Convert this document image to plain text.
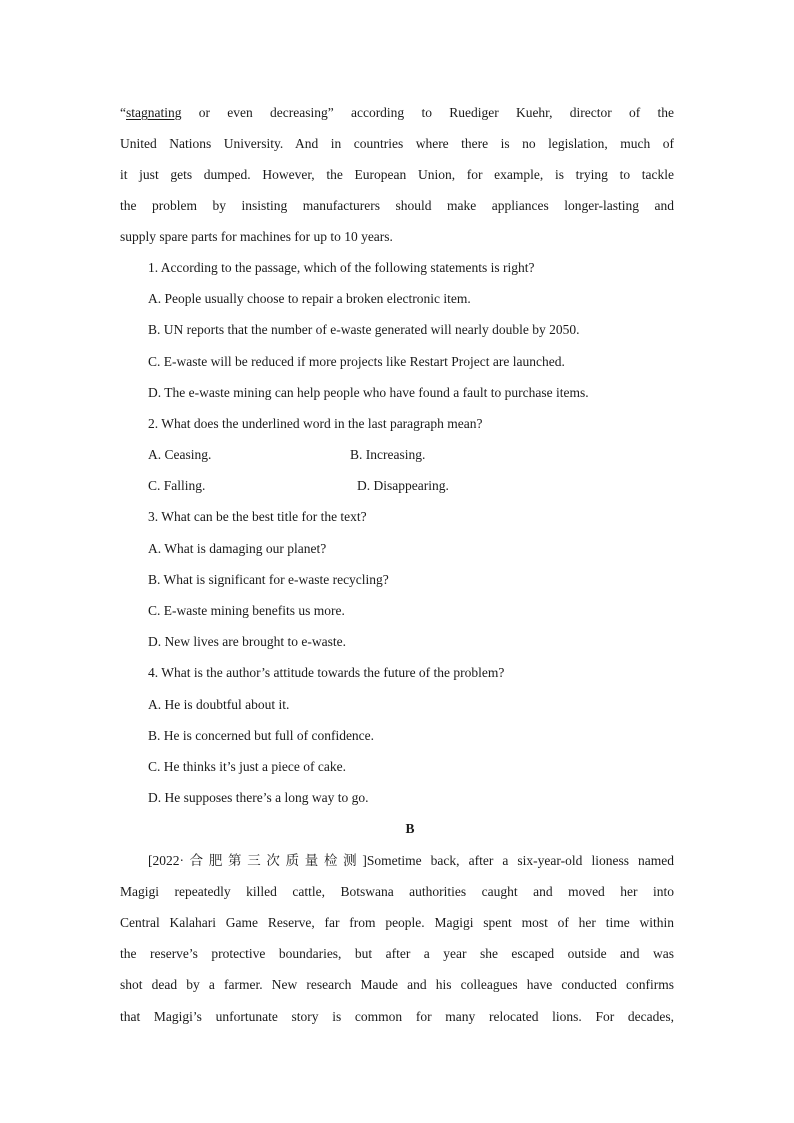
“stagnating or even decreasing” according to Ruediger Kuehr, director of the
United Nations University. And in countries where there is no legislation, much of
it just gets dumped. However, the European Union, for example, is trying to tackle
the problem by insisting manufacturers should make appliances longer-lasting and
supply spare parts for machines for up to 10 years.
1. According to the passage, which of the following statements is right?
A. People usually choose to repair a broken electronic item.
B. UN reports that the number of e-waste generated will nearly double by 2050.
C. E-waste will be reduced if more projects like Restart Project are launched.
D. The e-waste mining can help people who have found a fault to purchase items.
2. What does the underlined word in the last paragraph mean?
A. Ceasing.	B. Increasing.
C. Falling.	D. Disappearing.
3. What can be the best title for the text?
A. What is damaging our planet?
B. What is significant for e-waste recycling?
C. E-waste mining benefits us more.
D. New lives are brought to e-waste.
4. What is the author’s attitude towards the future of the problem?
A. He is doubtful about it.
B. He is concerned but full of confidence.
C. He thinks it’s just a piece of cake.
D. He supposes there’s a long way to go.
B
[2022·合肥第三次质量检测]Sometime back, after a six-year-old lioness named
Magigi repeatedly killed cattle, Botswana authorities caught and moved her into
Central Kalahari Game Reserve, far from people. Magigi spent most of her time within
the reserve’s protective boundaries, but after a year she escaped outside and was
shot dead by a farmer. New research Maude and his colleagues have conducted confirms
that Magigi’s unfortunate story is common for many relocated lions. For decades,
